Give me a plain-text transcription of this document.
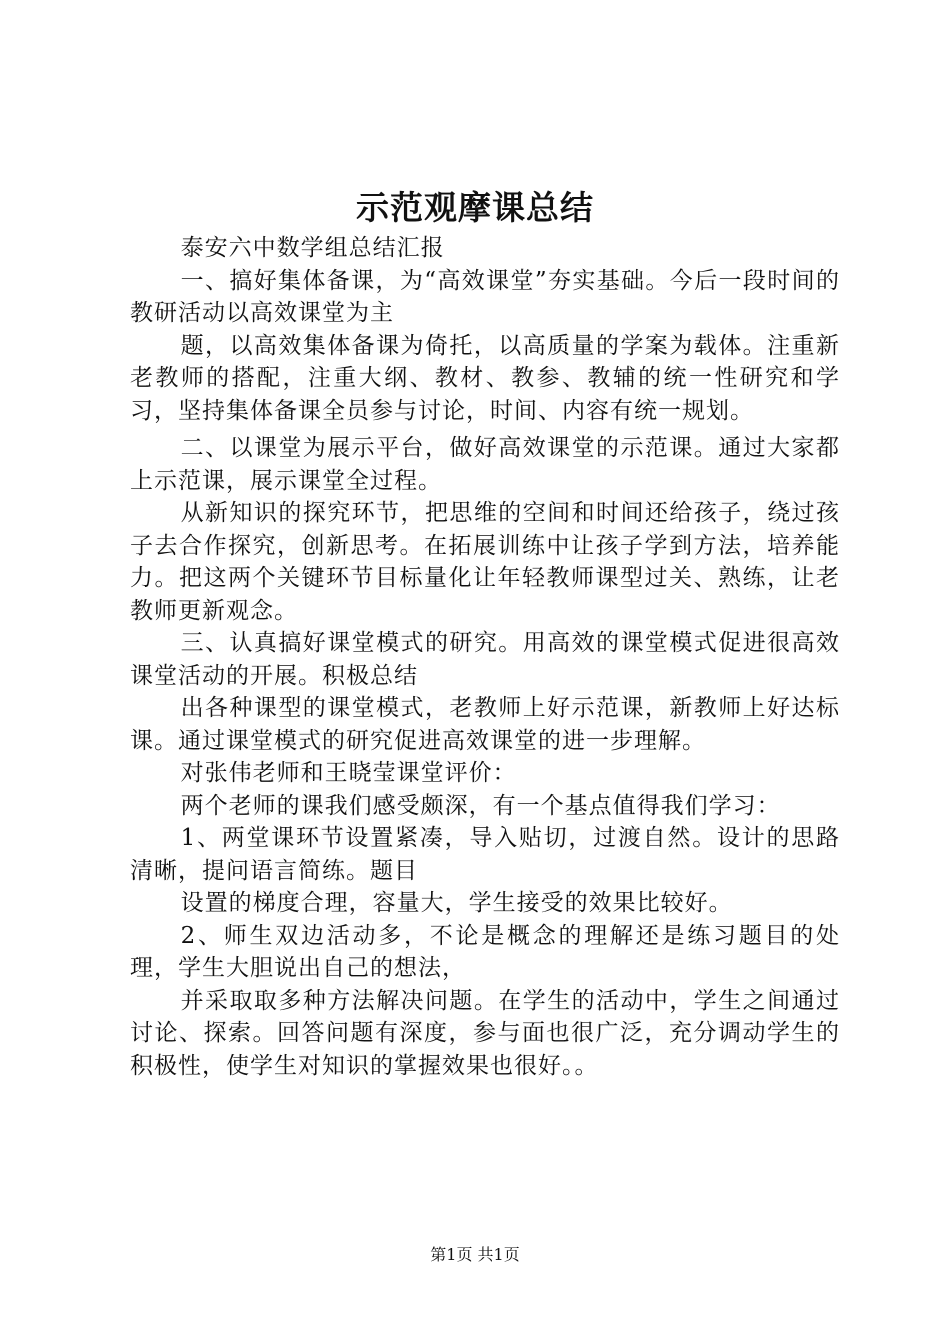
示范观摩课总结

泰安六中数学组总结汇报

一、搞好集体备课，为“高效课堂”夯实基础。今后一段时间的教研活动以高效课堂为主

题，以高效集体备课为倚托，以高质量的学案为载体。注重新老教师的搭配，注重大纲、教材、教参、教辅的统一性研究和学习，坚持集体备课全员参与讨论，时间、内容有统一规划。

二、以课堂为展示平台，做好高效课堂的示范课。通过大家都上示范课，展示课堂全过程。

从新知识的探究环节，把思维的空间和时间还给孩子，绕过孩子去合作探究，创新思考。在拓展训练中让孩子学到方法，培养能力。把这两个关键环节目标量化让年轻教师课型过关、熟练，让老教师更新观念。

三、认真搞好课堂模式的研究。用高效的课堂模式促进很高效课堂活动的开展。积极总结

出各种课型的课堂模式，老教师上好示范课，新教师上好达标课。通过课堂模式的研究促进高效课堂的进一步理解。

对张伟老师和王晓莹课堂评价：

两个老师的课我们感受颇深，有一个基点值得我们学习：

1、两堂课环节设置紧凑，导入贴切，过渡自然。设计的思路清晰，提问语言简练。题目

设置的梯度合理，容量大，学生接受的效果比较好。

2、师生双边活动多，不论是概念的理解还是练习题目的处理，学生大胆说出自己的想法，

并采取取多种方法解决问题。在学生的活动中，学生之间通过讨论、探索。回答问题有深度，参与面也很广泛，充分调动学生的积极性，使学生对知识的掌握效果也很好。。

第1页 共1页
